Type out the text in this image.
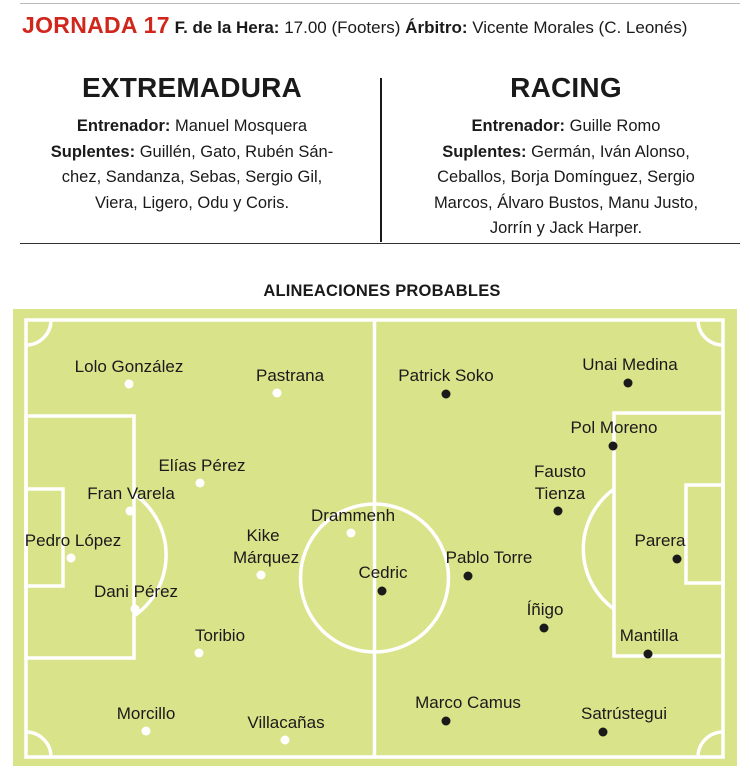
JORNADA 17 F. de la Hera: 17.00 (Footers) Árbitro: Vicente Morales (C. Leonés)
EXTREMADURA
Entrenador: Manuel Mosquera
Suplentes: Guillén, Gato, Rubén Sán-
chez, Sandanza, Sebas, Sergio Gil,
Viera, Ligero, Odu y Coris.
RACING
Entrenador: Guille Romo
Suplentes: Germán, Iván Alonso,
Ceballos, Borja Domínguez, Sergio
Marcos, Álvaro Bustos, Manu Justo,
Jorrín y Jack Harper.
ALINEACIONES PROBABLES
Lolo González	Pastrana
Elías Pérez
Fran Varela
Pedro López	Kike Márquez
Drammenh
Dani Pérez
Toribio
Morcillo	Villacañas
Patrick Soko
Unai Medina
Pol Moreno
Fausto Tienza
Parera
Pablo Torre
Cedric
Íñigo
Mantilla
Marco Camus
Satrústegui
